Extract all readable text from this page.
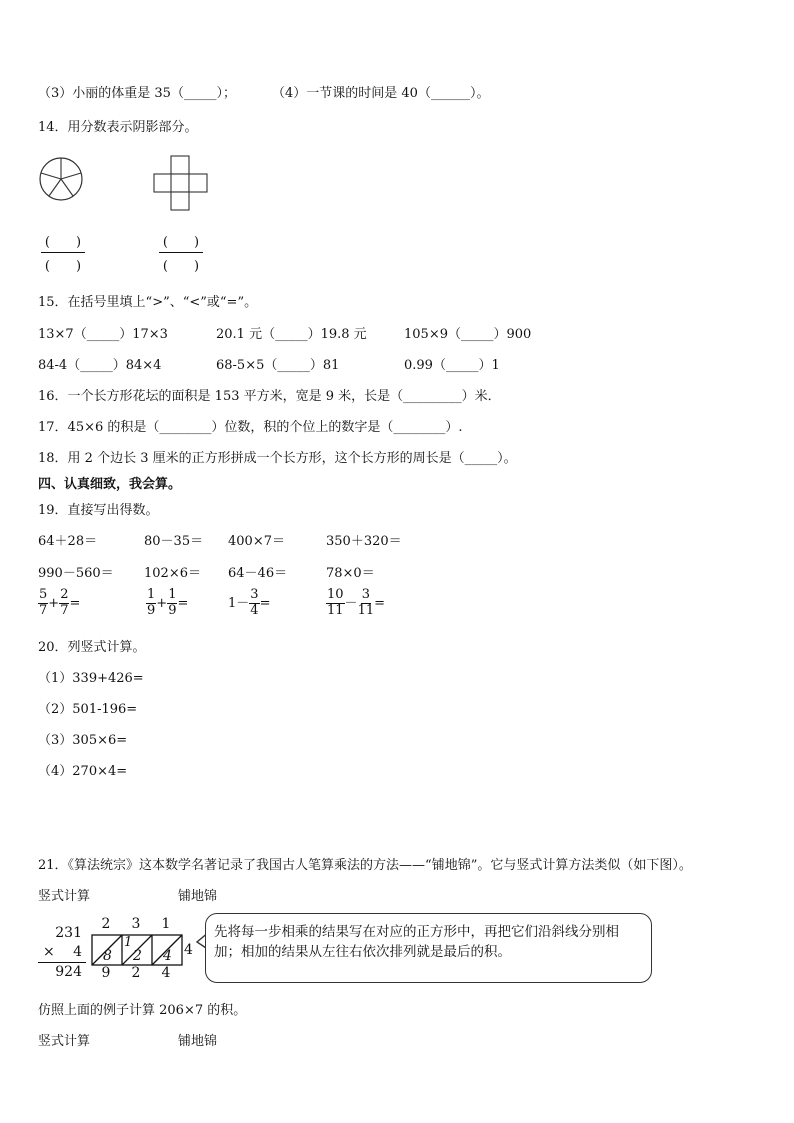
（3）小丽的体重是 35（_____）；	（4）一节课的时间是 40（______）。
14．用分数表示阴影部分。
(　　)
(　　)
(　　)
(　　)
15．在括号里填上“>”、“<”或“=”。
13×7（_____）17×3	20.1 元（_____）19.8 元	105×9（_____）900
84-4（_____）84×4	68-5×5（_____）81	0.99（_____）1
16．一个长方形花坛的面积是 153 平方米，宽是 9 米，长是（_________）米．
17．45×6 的积是（________）位数，积的个位上的数字是（________）.
18．用 2 个边长 3 厘米的正方形拼成一个长方形，这个长方形的周长是（_____）。
四、认真细致，我会算。
19．直接写出得数。
64＋28＝	80－35＝ 400×7＝	350＋320＝
990－560＝ 102×6＝ 64－46＝	78×0＝
$\frac{5}{7} + \frac{2}{7}$ =	$\frac{1}{9} + \frac{1}{9}$ =	$1- \frac{3}{4}$ =	$\frac{10}{11} - \frac{3}{11}$ =
20．列竖式计算。
（1）339+426=
（2）501-196=
（3）305×6=
（4）270×4=
21．《算法统宗》这本数学名著记录了我国古人笔算乘法的方法——“铺地锦”。它与竖式计算方法类似（如下图）。
竖式计算	铺地锦
231
×	4
924
2	3	1
8
1
2 4 4
9	2	4
先将每一步相乘的结果写在对应的正方形中，再把它们沿斜线分别相加；相加的结果从左往右依次排列就是最后的积。
仿照上面的例子计算 206×7 的积。
竖式计算	铺地锦
